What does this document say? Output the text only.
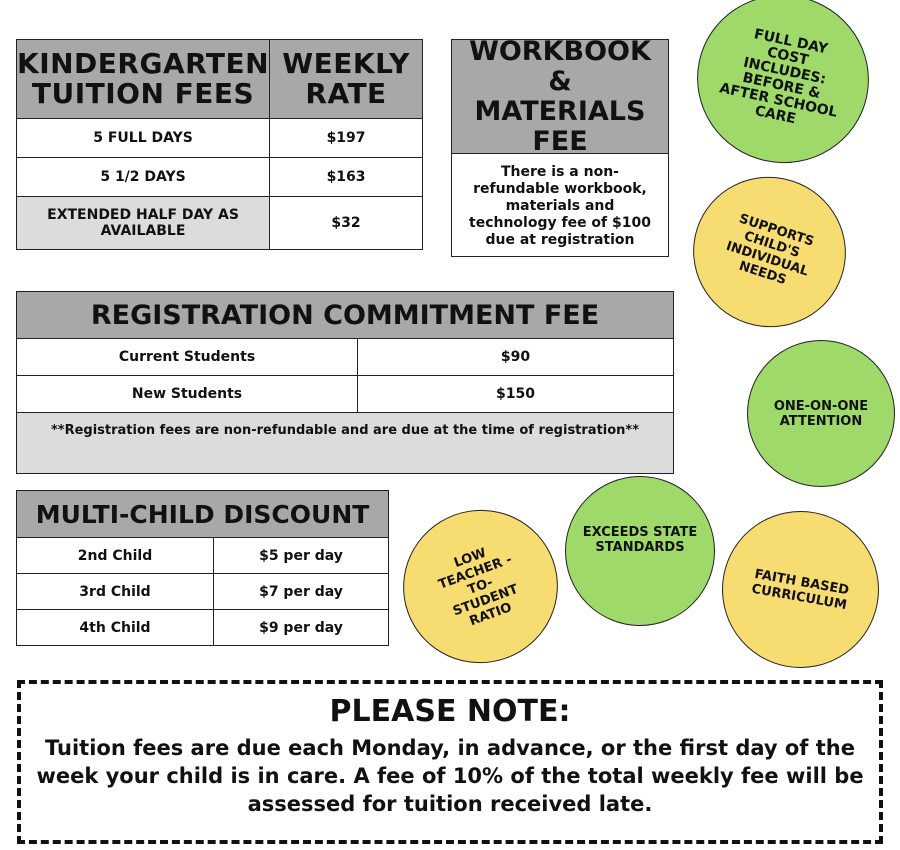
KINDERGARTEN TUITION FEES	WEEKLY RATE
5 FULL DAYS	$197
5 1/2 DAYS	$163
EXTENDED HALF DAY AS AVAILABLE	$32
WORKBOOK
&
MATERIALS FEE
There is a non-refundable workbook, materials and technology fee of $100 due at registration
REGISTRATION COMMITMENT FEE	
Current Students	$90
New Students	$150
**Registration fees are non-refundable and are due at the time of registration**	
MULTI-CHILD DISCOUNT	
2nd Child	$5 per day
3rd Child	$7 per day
4th Child	$9 per day
FULL DAY COST INCLUDES: BEFORE & AFTER SCHOOL CARE
SUPPORTS CHILD'S INDIVIDUAL NEEDS
ONE-ON-ONE ATTENTION
LOW TEACHER -TO- STUDENT RATIO
EXCEEDS STATE STANDARDS
FAITH BASED CURRICULUM
PLEASE NOTE:
Tuition fees are due each Monday, in advance, or the first day of the week your child is in care. A fee of 10% of the total weekly fee will be assessed for tuition received late.
